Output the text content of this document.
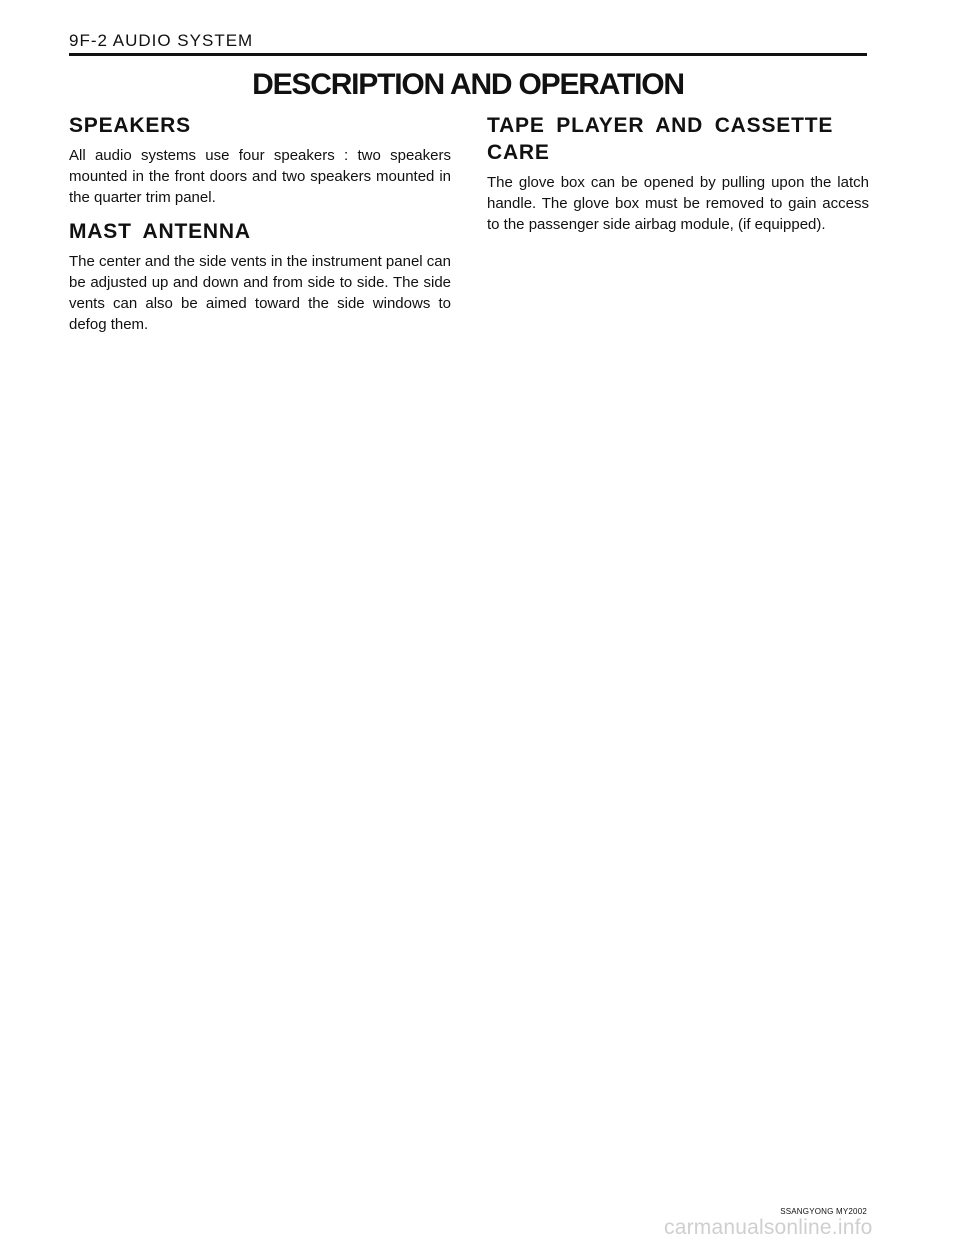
9F-2 AUDIO SYSTEM
DESCRIPTION AND OPERATION
SPEAKERS

All audio systems use four speakers : two speakers mounted in the front doors and two speakers mounted in the quarter trim panel.

MAST ANTENNA

The center and the side vents in the instrument panel can be adjusted up and down and from side to side. The side vents can also be aimed toward the side windows to defog them.

TAPE PLAYER AND CASSETTE CARE

The glove box can be opened by pulling upon the latch handle. The glove box must be removed to gain access to the passenger side airbag module, (if equipped).

SSANGYONG MY2002
carmanualsonline.info
